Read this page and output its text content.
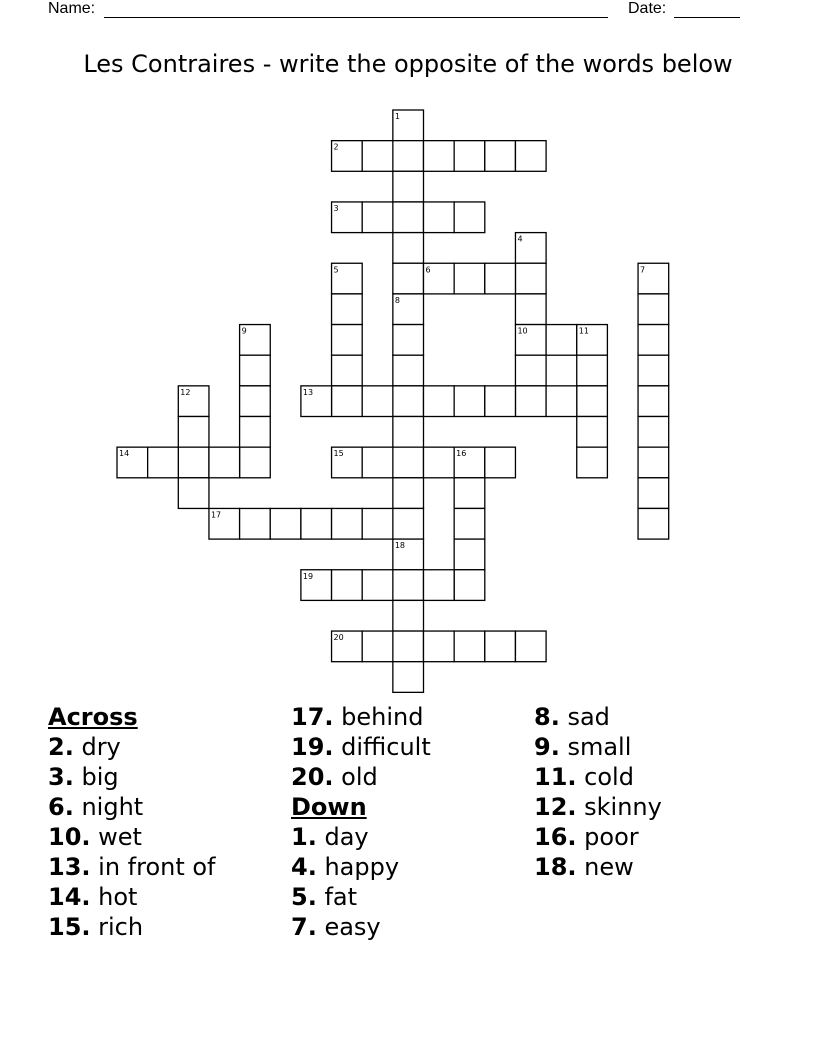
Name:	Date:
Les Contraires - write the opposite of the words below
1
2
3
4
5	6	7
8
9	10	11
12	13
14	15	16
17
18
19
20
Across
2. dry
3. big
6. night
10. wet
13. in front of
14. hot
15. rich
17. behind
19. difficult
20. old
Down
1. day
4. happy
5. fat
7. easy
8. sad
9. small
11. cold
12. skinny
16. poor
18. new
